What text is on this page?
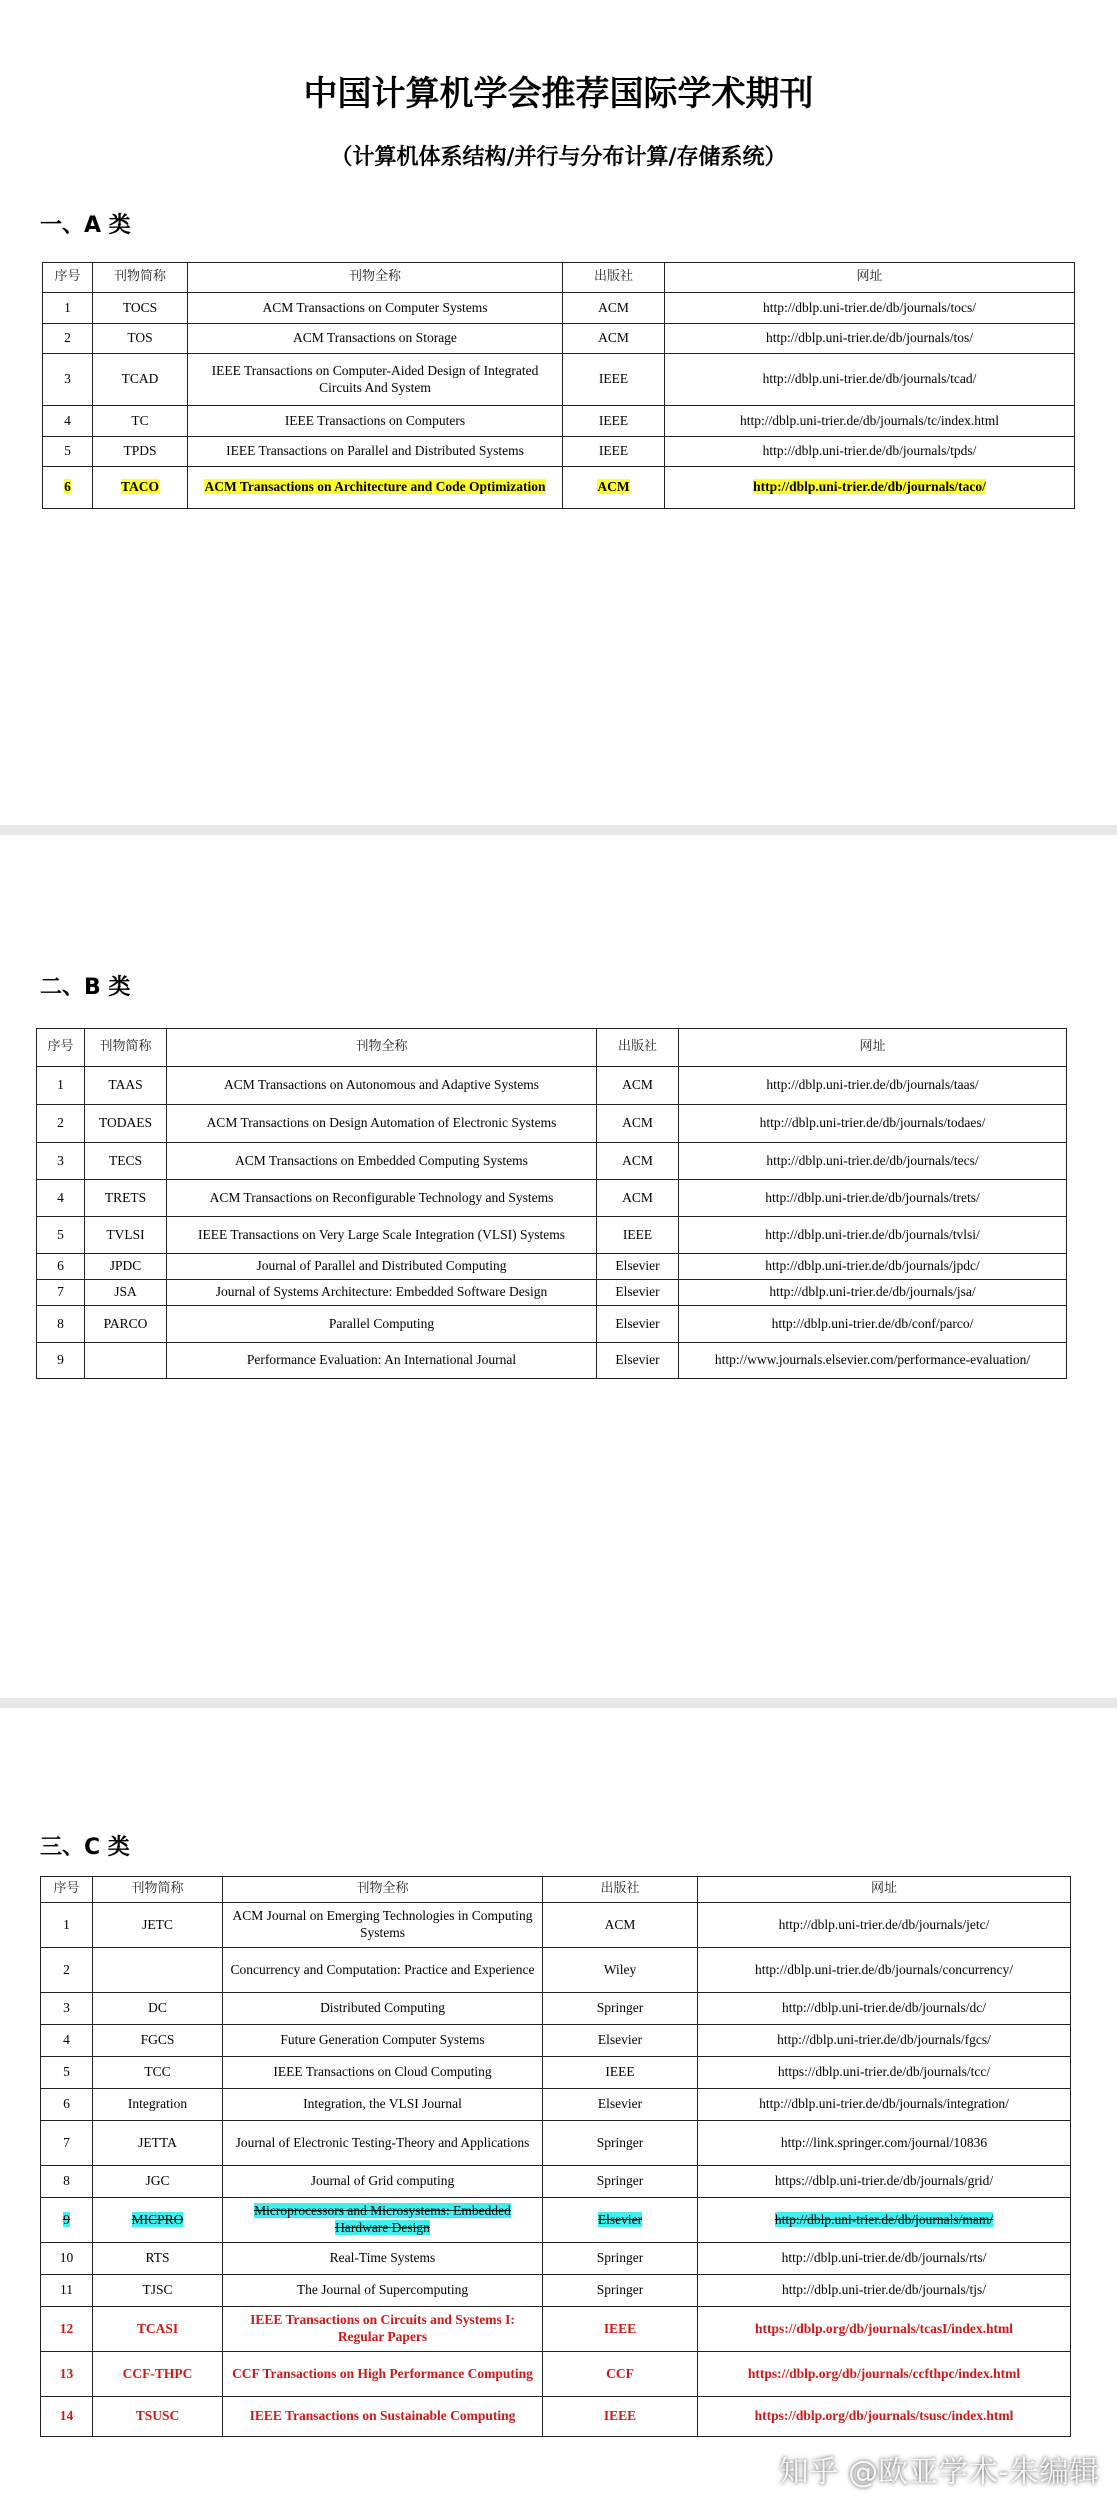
中国计算机学会推荐国际学术期刊
（计算机体系结构/并行与分布计算/存储系统）
一、A 类
序号	刊物简称	刊物全称	出版社	网址
1	TOCS	ACM Transactions on Computer Systems	ACM	http://dblp.uni-trier.de/db/journals/tocs/
2	TOS	ACM Transactions on Storage	ACM	http://dblp.uni-trier.de/db/journals/tos/
3	TCAD	IEEE Transactions on Computer-Aided Design of Integrated Circuits And System	IEEE	http://dblp.uni-trier.de/db/journals/tcad/
4	TC	IEEE Transactions on Computers	IEEE	http://dblp.uni-trier.de/db/journals/tc/index.html
5	TPDS	IEEE Transactions on Parallel and Distributed Systems	IEEE	http://dblp.uni-trier.de/db/journals/tpds/
6	TACO	ACM Transactions on Architecture and Code Optimization	ACM	http://dblp.uni-trier.de/db/journals/taco/
二、B 类
序号	刊物简称	刊物全称	出版社	网址
1	TAAS	ACM Transactions on Autonomous and Adaptive Systems	ACM	http://dblp.uni-trier.de/db/journals/taas/
2	TODAES	ACM Transactions on Design Automation of Electronic Systems	ACM	http://dblp.uni-trier.de/db/journals/todaes/
3	TECS	ACM Transactions on Embedded Computing Systems	ACM	http://dblp.uni-trier.de/db/journals/tecs/
4	TRETS	ACM Transactions on Reconfigurable Technology and Systems	ACM	http://dblp.uni-trier.de/db/journals/trets/
5	TVLSI	IEEE Transactions on Very Large Scale Integration (VLSI) Systems	IEEE	http://dblp.uni-trier.de/db/journals/tvlsi/
6	JPDC	Journal of Parallel and Distributed Computing	Elsevier	http://dblp.uni-trier.de/db/journals/jpdc/
7	JSA	Journal of Systems Architecture: Embedded Software Design	Elsevier	http://dblp.uni-trier.de/db/journals/jsa/
8	PARCO	Parallel Computing	Elsevier	http://dblp.uni-trier.de/db/conf/parco/
9		Performance Evaluation: An International Journal	Elsevier	http://www.journals.elsevier.com/performance-evaluation/
三、C 类
序号	刊物简称	刊物全称	出版社	网址
1	JETC	ACM Journal on Emerging Technologies in Computing Systems	ACM	http://dblp.uni-trier.de/db/journals/jetc/
2		Concurrency and Computation: Practice and Experience	Wiley	http://dblp.uni-trier.de/db/journals/concurrency/
3	DC	Distributed Computing	Springer	http://dblp.uni-trier.de/db/journals/dc/
4	FGCS	Future Generation Computer Systems	Elsevier	http://dblp.uni-trier.de/db/journals/fgcs/
5	TCC	IEEE Transactions on Cloud Computing	IEEE	https://dblp.uni-trier.de/db/journals/tcc/
6	Integration	Integration, the VLSI Journal	Elsevier	http://dblp.uni-trier.de/db/journals/integration/
7	JETTA	Journal of Electronic Testing-Theory and Applications	Springer	http://link.springer.com/journal/10836
8	JGC	Journal of Grid computing	Springer	https://dblp.uni-trier.de/db/journals/grid/
9	MICPRO	Microprocessors and Microsystems: Embedded Hardware Design	Elsevier	http://dblp.uni-trier.de/db/journals/mam/
10	RTS	Real-Time Systems	Springer	http://dblp.uni-trier.de/db/journals/rts/
11	TJSC	The Journal of Supercomputing	Springer	http://dblp.uni-trier.de/db/journals/tjs/
12	TCASI	IEEE Transactions on Circuits and Systems I: Regular Papers	IEEE	https://dblp.org/db/journals/tcasI/index.html
13	CCF-THPC	CCF Transactions on High Performance Computing	CCF	https://dblp.org/db/journals/ccfthpc/index.html
14	TSUSC	IEEE Transactions on Sustainable Computing	IEEE	https://dblp.org/db/journals/tsusc/index.html
知乎 @欧亚学术-朱编辑
